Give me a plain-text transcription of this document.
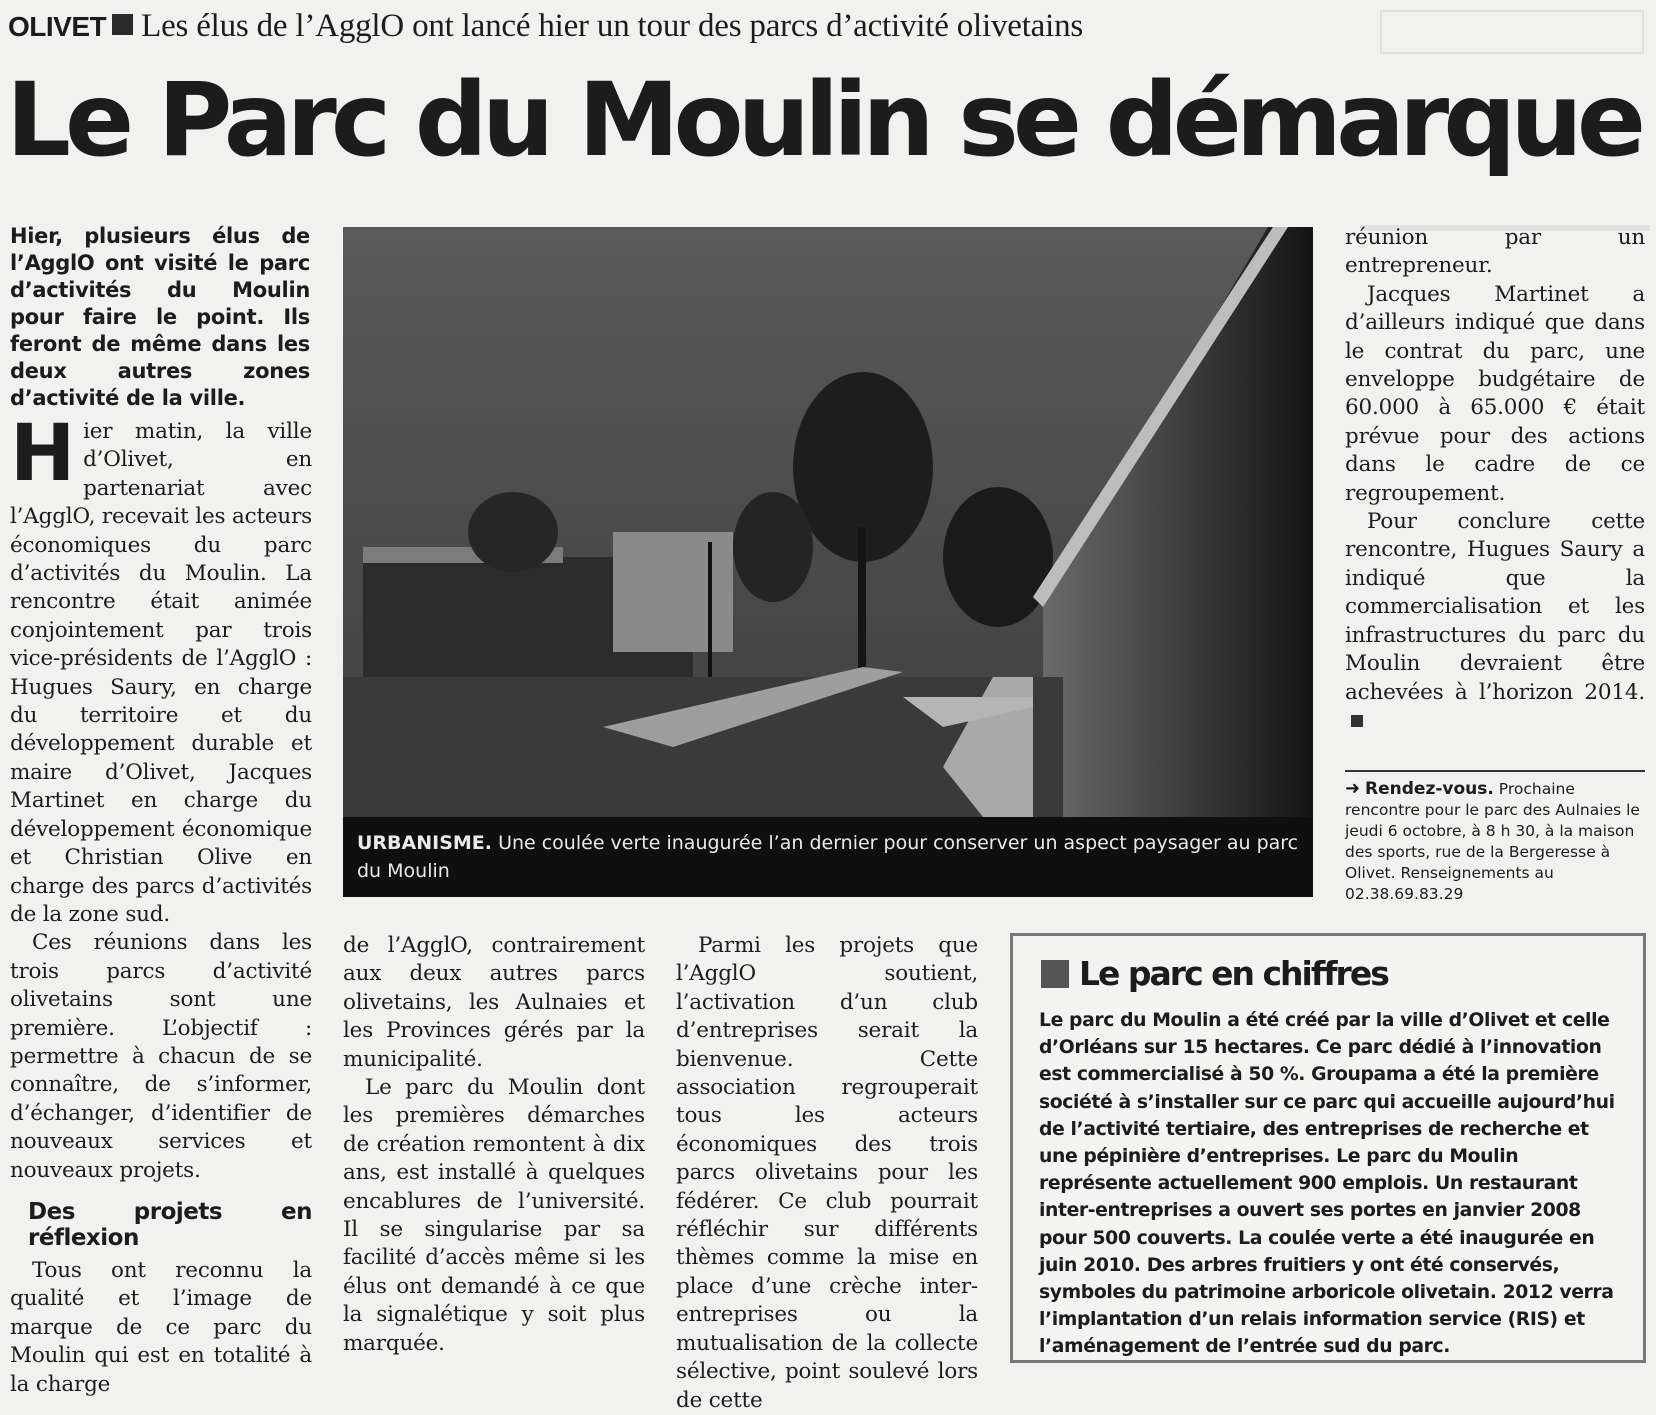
OLIVET Les élus de l’AgglO ont lancé hier un tour des parcs d’activité olivetains
Le Parc du Moulin se démarque
Hier, plusieurs élus de l’AgglO ont visité le parc d’activités du Moulin pour faire le point. Ils feront de même dans les deux autres zones d’activité de la ville.

Hier matin, la ville d’Olivet, en partenariat avec l’AgglO, recevait les acteurs économiques du parc d’activités du Moulin. La rencontre était animée conjointement par trois vice-présidents de l’AgglO : Hugues Saury, en charge du territoire et du développement durable et maire d’Olivet, Jacques Martinet en charge du développement économique et Christian Olive en charge des parcs d’activités de la zone sud.

Ces réunions dans les trois parcs d’activité olivetains sont une première. L’objectif : permettre à chacun de se connaître, de s’informer, d’échanger, d’identifier de nouveaux services et nouveaux projets.

Des projets en réflexion

Tous ont reconnu la qualité et l’image de marque de ce parc du Moulin qui est en totalité à la charge

URBANISME. Une coulée verte inaugurée l’an dernier pour conserver un aspect paysager au parc du Moulin

de l’AgglO, contrairement aux deux autres parcs olivetains, les Aulnaies et les Provinces gérés par la municipalité.

Le parc du Moulin dont les premières démarches de création remontent à dix ans, est installé à quelques encablures de l’université. Il se singularise par sa facilité d’accès même si les élus ont demandé à ce que la signalétique y soit plus marquée.

Parmi les projets que l’AgglO soutient, l’activation d’un club d’entreprises serait la bienvenue. Cette association regrouperait tous les acteurs économiques des trois parcs olivetains pour les fédérer. Ce club pourrait réfléchir sur différents thèmes comme la mise en place d’une crèche inter-entreprises ou la mutualisation de la collecte sélective, point soulevé lors de cette

réunion par un entrepreneur.

Jacques Martinet a d’ailleurs indiqué que dans le contrat du parc, une enveloppe budgétaire de 60.000 à 65.000 € était prévue pour des actions dans le cadre de ce regroupement.

Pour conclure cette rencontre, Hugues Saury a indiqué que la commercialisation et les infrastructures du parc du Moulin devraient être achevées à l’horizon 2014.

➜ Rendez-vous. Prochaine rencontre pour le parc des Aulnaies le jeudi 6 octobre, à 8 h 30, à la maison des sports, rue de la Bergeresse à Olivet. Renseignements au 02.38.69.83.29
Le parc en chiffres
Le parc du Moulin a été créé par la ville d’Olivet et celle d’Orléans sur 15 hectares. Ce parc dédié à l’innovation est commercialisé à 50 %. Groupama a été la première société à s’installer sur ce parc qui accueille aujourd’hui de l’activité tertiaire, des entreprises de recherche et une pépinière d’entreprises. Le parc du Moulin représente actuellement 900 emplois. Un restaurant inter-entreprises a ouvert ses portes en janvier 2008 pour 500 couverts. La coulée verte a été inaugurée en juin 2010. Des arbres fruitiers y ont été conservés, symboles du patrimoine arboricole olivetain. 2012 verra l’implantation d’un relais information service (RIS) et l’aménagement de l’entrée sud du parc.
